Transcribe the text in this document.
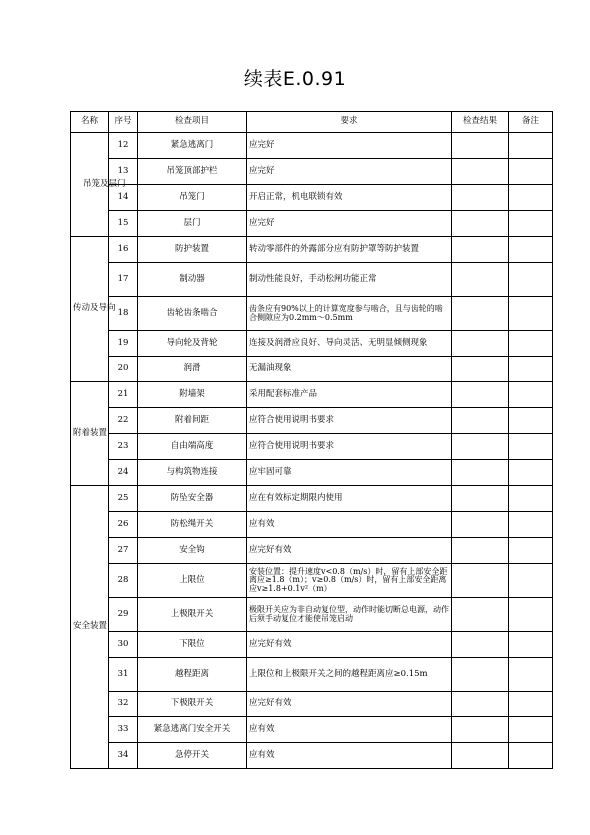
续表E.0.91
名称	序号	检查项目	要求	检查结果	备注
吊笼及层门	12	紧急逃离门	应完好		
	13	吊笼顶部护栏	应完好		
	14	吊笼门	开启正常，机电联锁有效		
	15	层门	应完好		
传动及导向	16	防护装置	转动零部件的外露部分应有防护罩等防护装置		
	17	制动器	制动性能良好，手动松闸功能正常		
	18	齿轮齿条啮合	齿条应有90%以上的计算宽度参与啮合，且与齿轮的啮合侧隙应为0.2mm～0.5mm		
	19	导向轮及背轮	连接及润滑应良好、导向灵活、无明显倾侧现象		
	20	润滑	无漏油现象		
附着装置	21	附墙架	采用配套标准产品		
	22	附着间距	应符合使用说明书要求		
	23	自由端高度	应符合使用说明书要求		
	24	与构筑物连接	应牢固可靠		
安全装置	25	防坠安全器	应在有效标定期限内使用		
	26	防松绳开关	应有效		
	27	安全钩	应完好有效		
	28	上限位	安装位置：提升速度v<0.8（m/s）时，留有上部安全距离应≥1.8（m）；v≥0.8（m/s）时，留有上部安全距离应v≥1.8+0.1v²（m）		
	29	上极限开关	极限开关应为非自动复位型，动作时能切断总电源，动作后须手动复位才能使吊笼启动		
	30	下限位	应完好有效		
	31	越程距离	上限位和上极限开关之间的越程距离应≥0.15m		
	32	下极限开关	应完好有效		
	33	紧急逃离门安全开关	应有效		
	34	急停开关	应有效		
